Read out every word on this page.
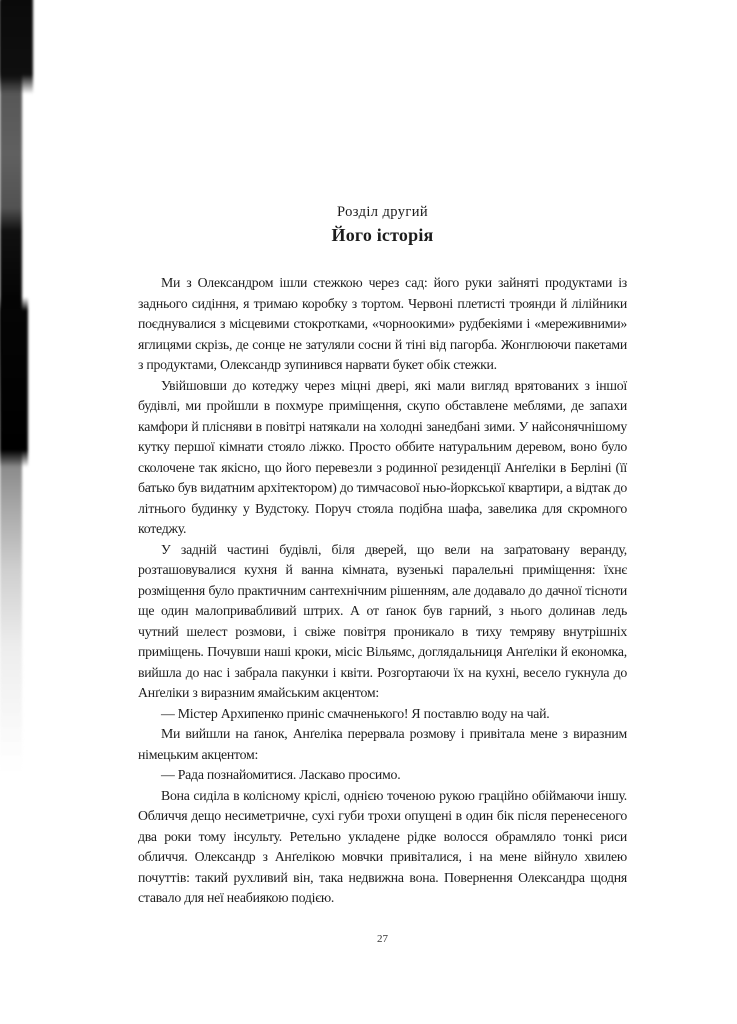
Розділ другий
Його історія

Ми з Олександром ішли стежкою через сад: його руки зайняті продуктами із заднього сидіння, я тримаю коробку з тортом. Червоні плетисті троянди й лілійники поєднувалися з місцевими стокротками, «чорноокими» рудбекіями і «мереживними» яглицями скрізь, де сонце не затуляли сосни й тіні від пагорба. Жонглюючи пакетами з продуктами, Олександр зупинився нарвати букет обік стежки.

Увійшовши до котеджу через міцні двері, які мали вигляд врятованих з іншої будівлі, ми пройшли в похмуре приміщення, скупо обставлене меблями, де запахи камфори й плісняви в повітрі натякали на холодні занедбані зими. У найсонячнішому кутку першої кімнати стояло ліжко. Просто оббите натуральним деревом, воно було сколочене так якісно, що його перевезли з родинної резиденції Анґеліки в Берліні (її батько був видатним архітектором) до тимчасової нью-йоркської квартири, а відтак до літнього будинку у Вудстоку. Поруч стояла подібна шафа, завелика для скромного котеджу.

У задній частині будівлі, біля дверей, що вели на заґратовану веранду, розташовувалися кухня й ванна кімната, вузенькі паралельні приміщення: їхнє розміщення було практичним сантехнічним рішенням, але додавало до дачної тісноти ще один малопривабливий штрих. А от ґанок був гарний, з нього долинав ледь чутний шелест розмови, і свіже повітря проникало в тиху темряву внутрішніх приміщень. Почувши наші кроки, місіс Вільямс, доглядальниця Анґеліки й економка, вийшла до нас і забрала пакунки і квіти. Розгортаючи їх на кухні, весело гукнула до Анґеліки з виразним ямайським акцентом:

— Містер Архипенко приніс смачненького! Я поставлю воду на чай.

Ми вийшли на ґанок, Анґеліка перервала розмову і привітала мене з виразним німецьким акцентом:

— Рада познайомитися. Ласкаво просимо.

Вона сиділа в колісному кріслі, однією точеною рукою граційно обіймаючи іншу. Обличчя дещо несиметричне, сухі губи трохи опущені в один бік після перенесеного два роки тому інсульту. Ретельно укладене рідке волосся обрамляло тонкі риси обличчя. Олександр з Анґелікою мовчки привіталися, і на мене війнуло хвилею почуттів: такий рухливий він, така недвижна вона. Повернення Олександра щодня ставало для неї неабиякою подією.

27
